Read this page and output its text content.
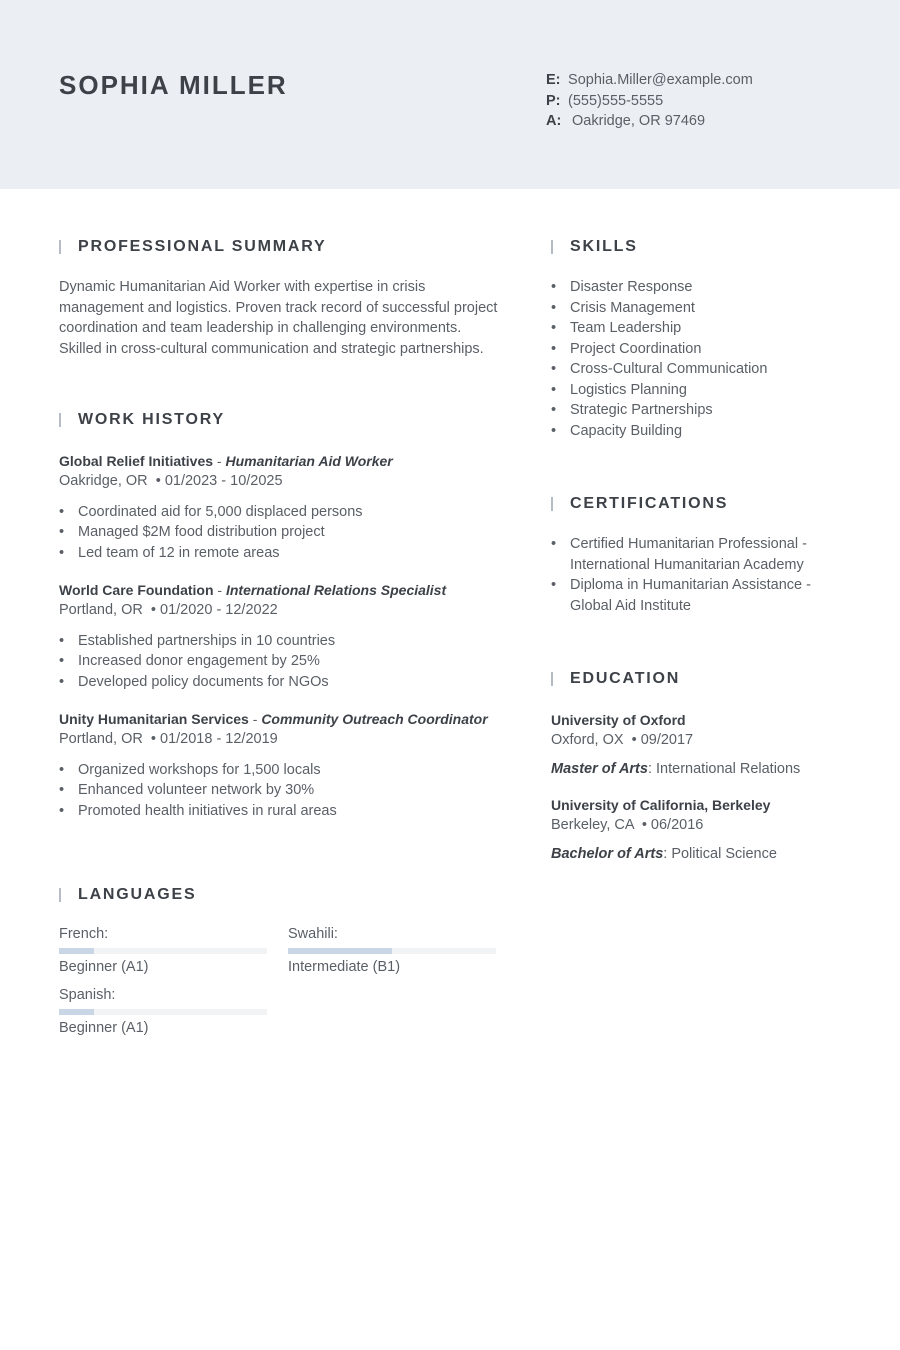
SOPHIA MILLER	E: Sophia.Miller@example.com
P: (555)555-5555
A: Oakridge, OR 97469
PROFESSIONAL SUMMARY

Dynamic Humanitarian Aid Worker with expertise in crisis management and logistics. Proven track record of successful project coordination and team leadership in challenging environments. Skilled in cross-cultural communication and strategic partnerships.

WORK HISTORY
Global Relief Initiatives - Humanitarian Aid Worker
Oakridge, OR • 01/2023 - 10/2025
• Coordinated aid for 5,000 displaced persons
• Managed $2M food distribution project
• Led team of 12 in remote areas
World Care Foundation - International Relations Specialist
Portland, OR • 01/2020 - 12/2022
• Established partnerships in 10 countries
• Increased donor engagement by 25%
• Developed policy documents for NGOs
Unity Humanitarian Services - Community Outreach Coordinator
Portland, OR • 01/2018 - 12/2019
• Organized workshops for 1,500 locals
• Enhanced volunteer network by 30%
• Promoted health initiatives in rural areas
LANGUAGES
French:
Beginner (A1)
Swahili:
Intermediate (B1)
Spanish:
Beginner (A1)
SKILLS
• Disaster Response
• Crisis Management
• Team Leadership
• Project Coordination
• Cross-Cultural Communication
• Logistics Planning
• Strategic Partnerships
• Capacity Building
CERTIFICATIONS
• Certified Humanitarian Professional -
International Humanitarian Academy
• Diploma in Humanitarian Assistance -
Global Aid Institute
EDUCATION
University of Oxford
Oxford, OX • 09/2017
Master of Arts: International Relations
University of California, Berkeley
Berkeley, CA • 06/2016
Bachelor of Arts: Political Science
